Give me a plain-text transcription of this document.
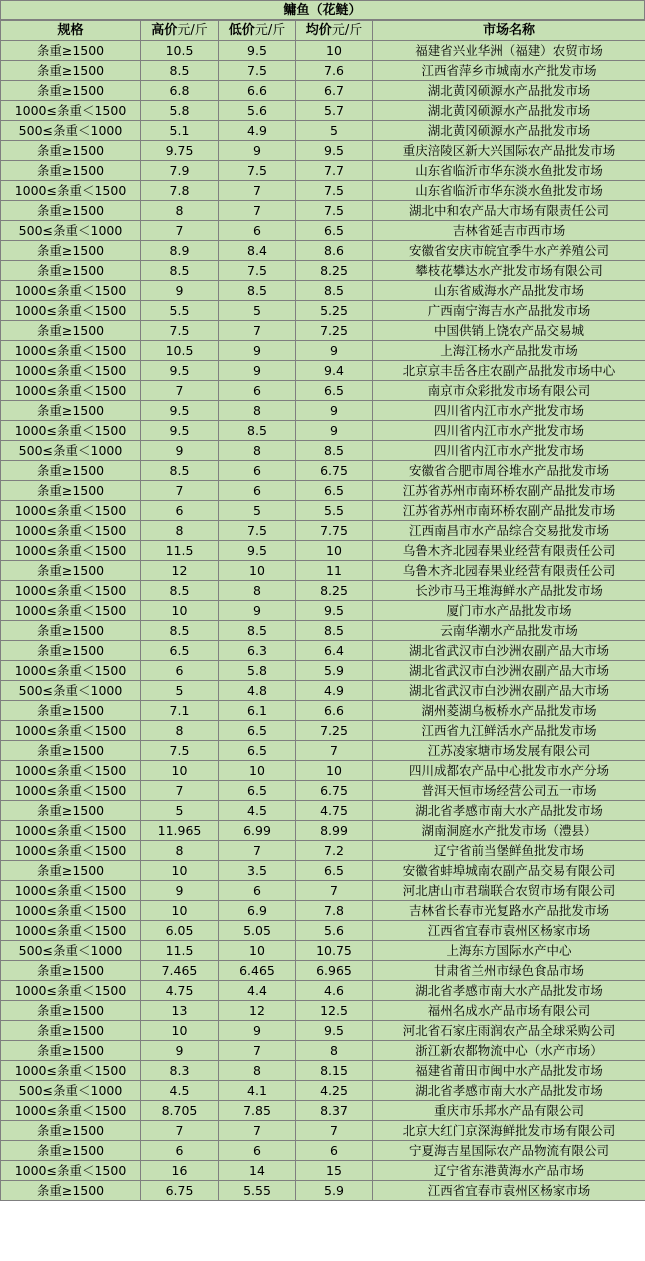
鳙鱼（花鲢）
规格	高价元/斤	低价元/斤	均价元/斤	市场名称
条重≥1500	10.5	9.5	10	福建省兴业华洲（福建）农贸市场
条重≥1500	8.5	7.5	7.6	江西省萍乡市城南水产批发市场
条重≥1500	6.8	6.6	6.7	湖北黄冈硕源水产品批发市场
1000≤条重＜1500	5.8	5.6	5.7	湖北黄冈硕源水产品批发市场
500≤条重＜1000	5.1	4.9	5	湖北黄冈硕源水产品批发市场
条重≥1500	9.75	9	9.5	重庆涪陵区新大兴国际农产品批发市场
条重≥1500	7.9	7.5	7.7	山东省临沂市华东淡水鱼批发市场
1000≤条重＜1500	7.8	7	7.5	山东省临沂市华东淡水鱼批发市场
条重≥1500	8	7	7.5	湖北中和农产品大市场有限责任公司
500≤条重＜1000	7	6	6.5	吉林省延吉市西市场
条重≥1500	8.9	8.4	8.6	安徽省安庆市皖宜季牛水产养殖公司
条重≥1500	8.5	7.5	8.25	攀枝花攀达水产批发市场有限公司
1000≤条重＜1500	9	8.5	8.5	山东省威海水产品批发市场
1000≤条重＜1500	5.5	5	5.25	广西南宁海吉水产品批发市场
条重≥1500	7.5	7	7.25	中国供销上饶农产品交易城
1000≤条重＜1500	10.5	9	9	上海江杨水产品批发市场
1000≤条重＜1500	9.5	9	9.4	北京京丰岳各庄农副产品批发市场中心
1000≤条重＜1500	7	6	6.5	南京市众彩批发市场有限公司
条重≥1500	9.5	8	9	四川省内江市水产批发市场
1000≤条重＜1500	9.5	8.5	9	四川省内江市水产批发市场
500≤条重＜1000	9	8	8.5	四川省内江市水产批发市场
条重≥1500	8.5	6	6.75	安徽省合肥市周谷堆水产品批发市场
条重≥1500	7	6	6.5	江苏省苏州市南环桥农副产品批发市场
1000≤条重＜1500	6	5	5.5	江苏省苏州市南环桥农副产品批发市场
1000≤条重＜1500	8	7.5	7.75	江西南昌市水产品综合交易批发市场
1000≤条重＜1500	11.5	9.5	10	乌鲁木齐北园春果业经营有限责任公司
条重≥1500	12	10	11	乌鲁木齐北园春果业经营有限责任公司
1000≤条重＜1500	8.5	8	8.25	长沙市马王堆海鲜水产品批发市场
1000≤条重＜1500	10	9	9.5	厦门市水产品批发市场
条重≥1500	8.5	8.5	8.5	云南华潮水产品批发市场
条重≥1500	6.5	6.3	6.4	湖北省武汉市白沙洲农副产品大市场
1000≤条重＜1500	6	5.8	5.9	湖北省武汉市白沙洲农副产品大市场
500≤条重＜1000	5	4.8	4.9	湖北省武汉市白沙洲农副产品大市场
条重≥1500	7.1	6.1	6.6	湖州菱湖乌板桥水产品批发市场
1000≤条重＜1500	8	6.5	7.25	江西省九江鲜活水产品批发市场
条重≥1500	7.5	6.5	7	江苏凌家塘市场发展有限公司
1000≤条重＜1500	10	10	10	四川成都农产品中心批发市水产分场
1000≤条重＜1500	7	6.5	6.75	普洱天恒市场经营公司五一市场
条重≥1500	5	4.5	4.75	湖北省孝感市南大水产品批发市场
1000≤条重＜1500	11.965	6.99	8.99	湖南洞庭水产批发市场（澧县）
1000≤条重＜1500	8	7	7.2	辽宁省前当堡鲜鱼批发市场
条重≥1500	10	3.5	6.5	安徽省蚌埠城南农副产品交易有限公司
1000≤条重＜1500	9	6	7	河北唐山市君瑞联合农贸市场有限公司
1000≤条重＜1500	10	6.9	7.8	吉林省长春市光复路水产品批发市场
1000≤条重＜1500	6.05	5.05	5.6	江西省宜春市袁州区杨家市场
500≤条重＜1000	11.5	10	10.75	上海东方国际水产中心
条重≥1500	7.465	6.465	6.965	甘肃省兰州市绿色食品市场
1000≤条重＜1500	4.75	4.4	4.6	湖北省孝感市南大水产品批发市场
条重≥1500	13	12	12.5	福州名成水产品市场有限公司
条重≥1500	10	9	9.5	河北省石家庄雨润农产品全球采购公司
条重≥1500	9	7	8	浙江新农都物流中心（水产市场）
1000≤条重＜1500	8.3	8	8.15	福建省莆田市闽中水产品批发市场
500≤条重＜1000	4.5	4.1	4.25	湖北省孝感市南大水产品批发市场
1000≤条重＜1500	8.705	7.85	8.37	重庆市乐邦水产品有限公司
条重≥1500	7	7	7	北京大红门京深海鲜批发市场有限公司
条重≥1500	6	6	6	宁夏海吉星国际农产品物流有限公司
1000≤条重＜1500	16	14	15	辽宁省东港黄海水产品市场
条重≥1500	6.75	5.55	5.9	江西省宜春市袁州区杨家市场
